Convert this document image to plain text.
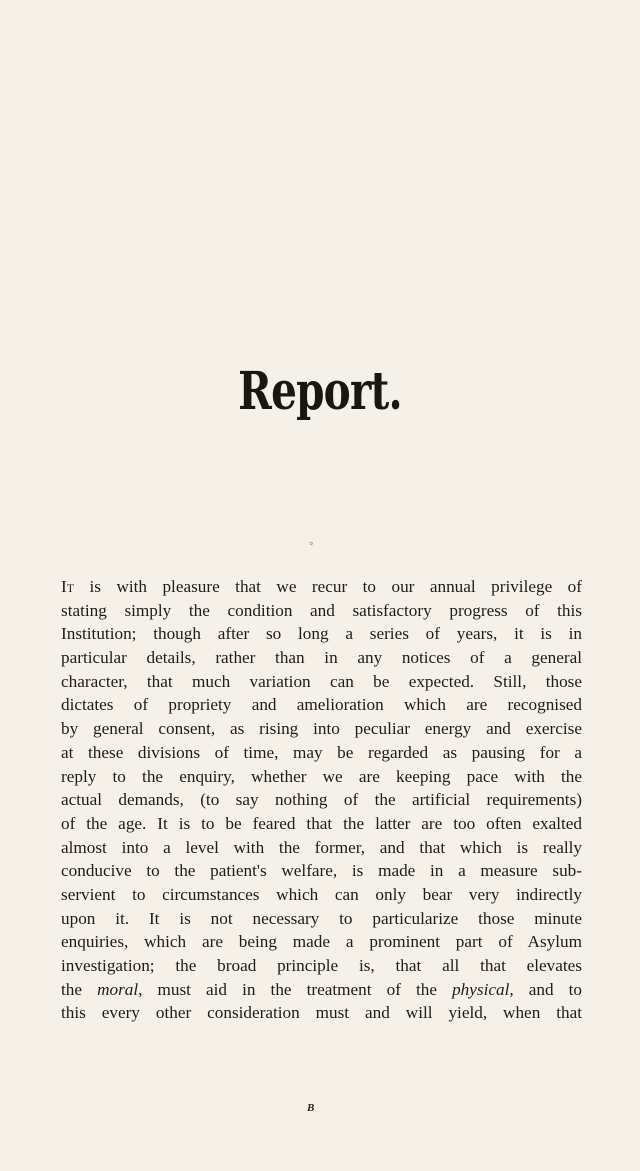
Report.
°
It is with pleasure that we recur to our annual privilege of
stating simply the condition and satisfactory progress of this
Institution; though after so long a series of years, it is in
particular details, rather than in any notices of a general
character, that much variation can be expected. Still, those
dictates of propriety and amelioration which are recognised
by general consent, as rising into peculiar energy and exercise
at these divisions of time, may be regarded as pausing for a
reply to the enquiry, whether we are keeping pace with the
actual demands, (to say nothing of the artificial requirements)
of the age. It is to be feared that the latter are too often exalted
almost into a level with the former, and that which is really
conducive to the patient's welfare, is made in a measure sub-
servient to circumstances which can only bear very indirectly
upon it. It is not necessary to particularize those minute
enquiries, which are being made a prominent part of Asylum
investigation; the broad principle is, that all that elevates
the moral, must aid in the treatment of the physical, and to
this every other consideration must and will yield, when that
B
